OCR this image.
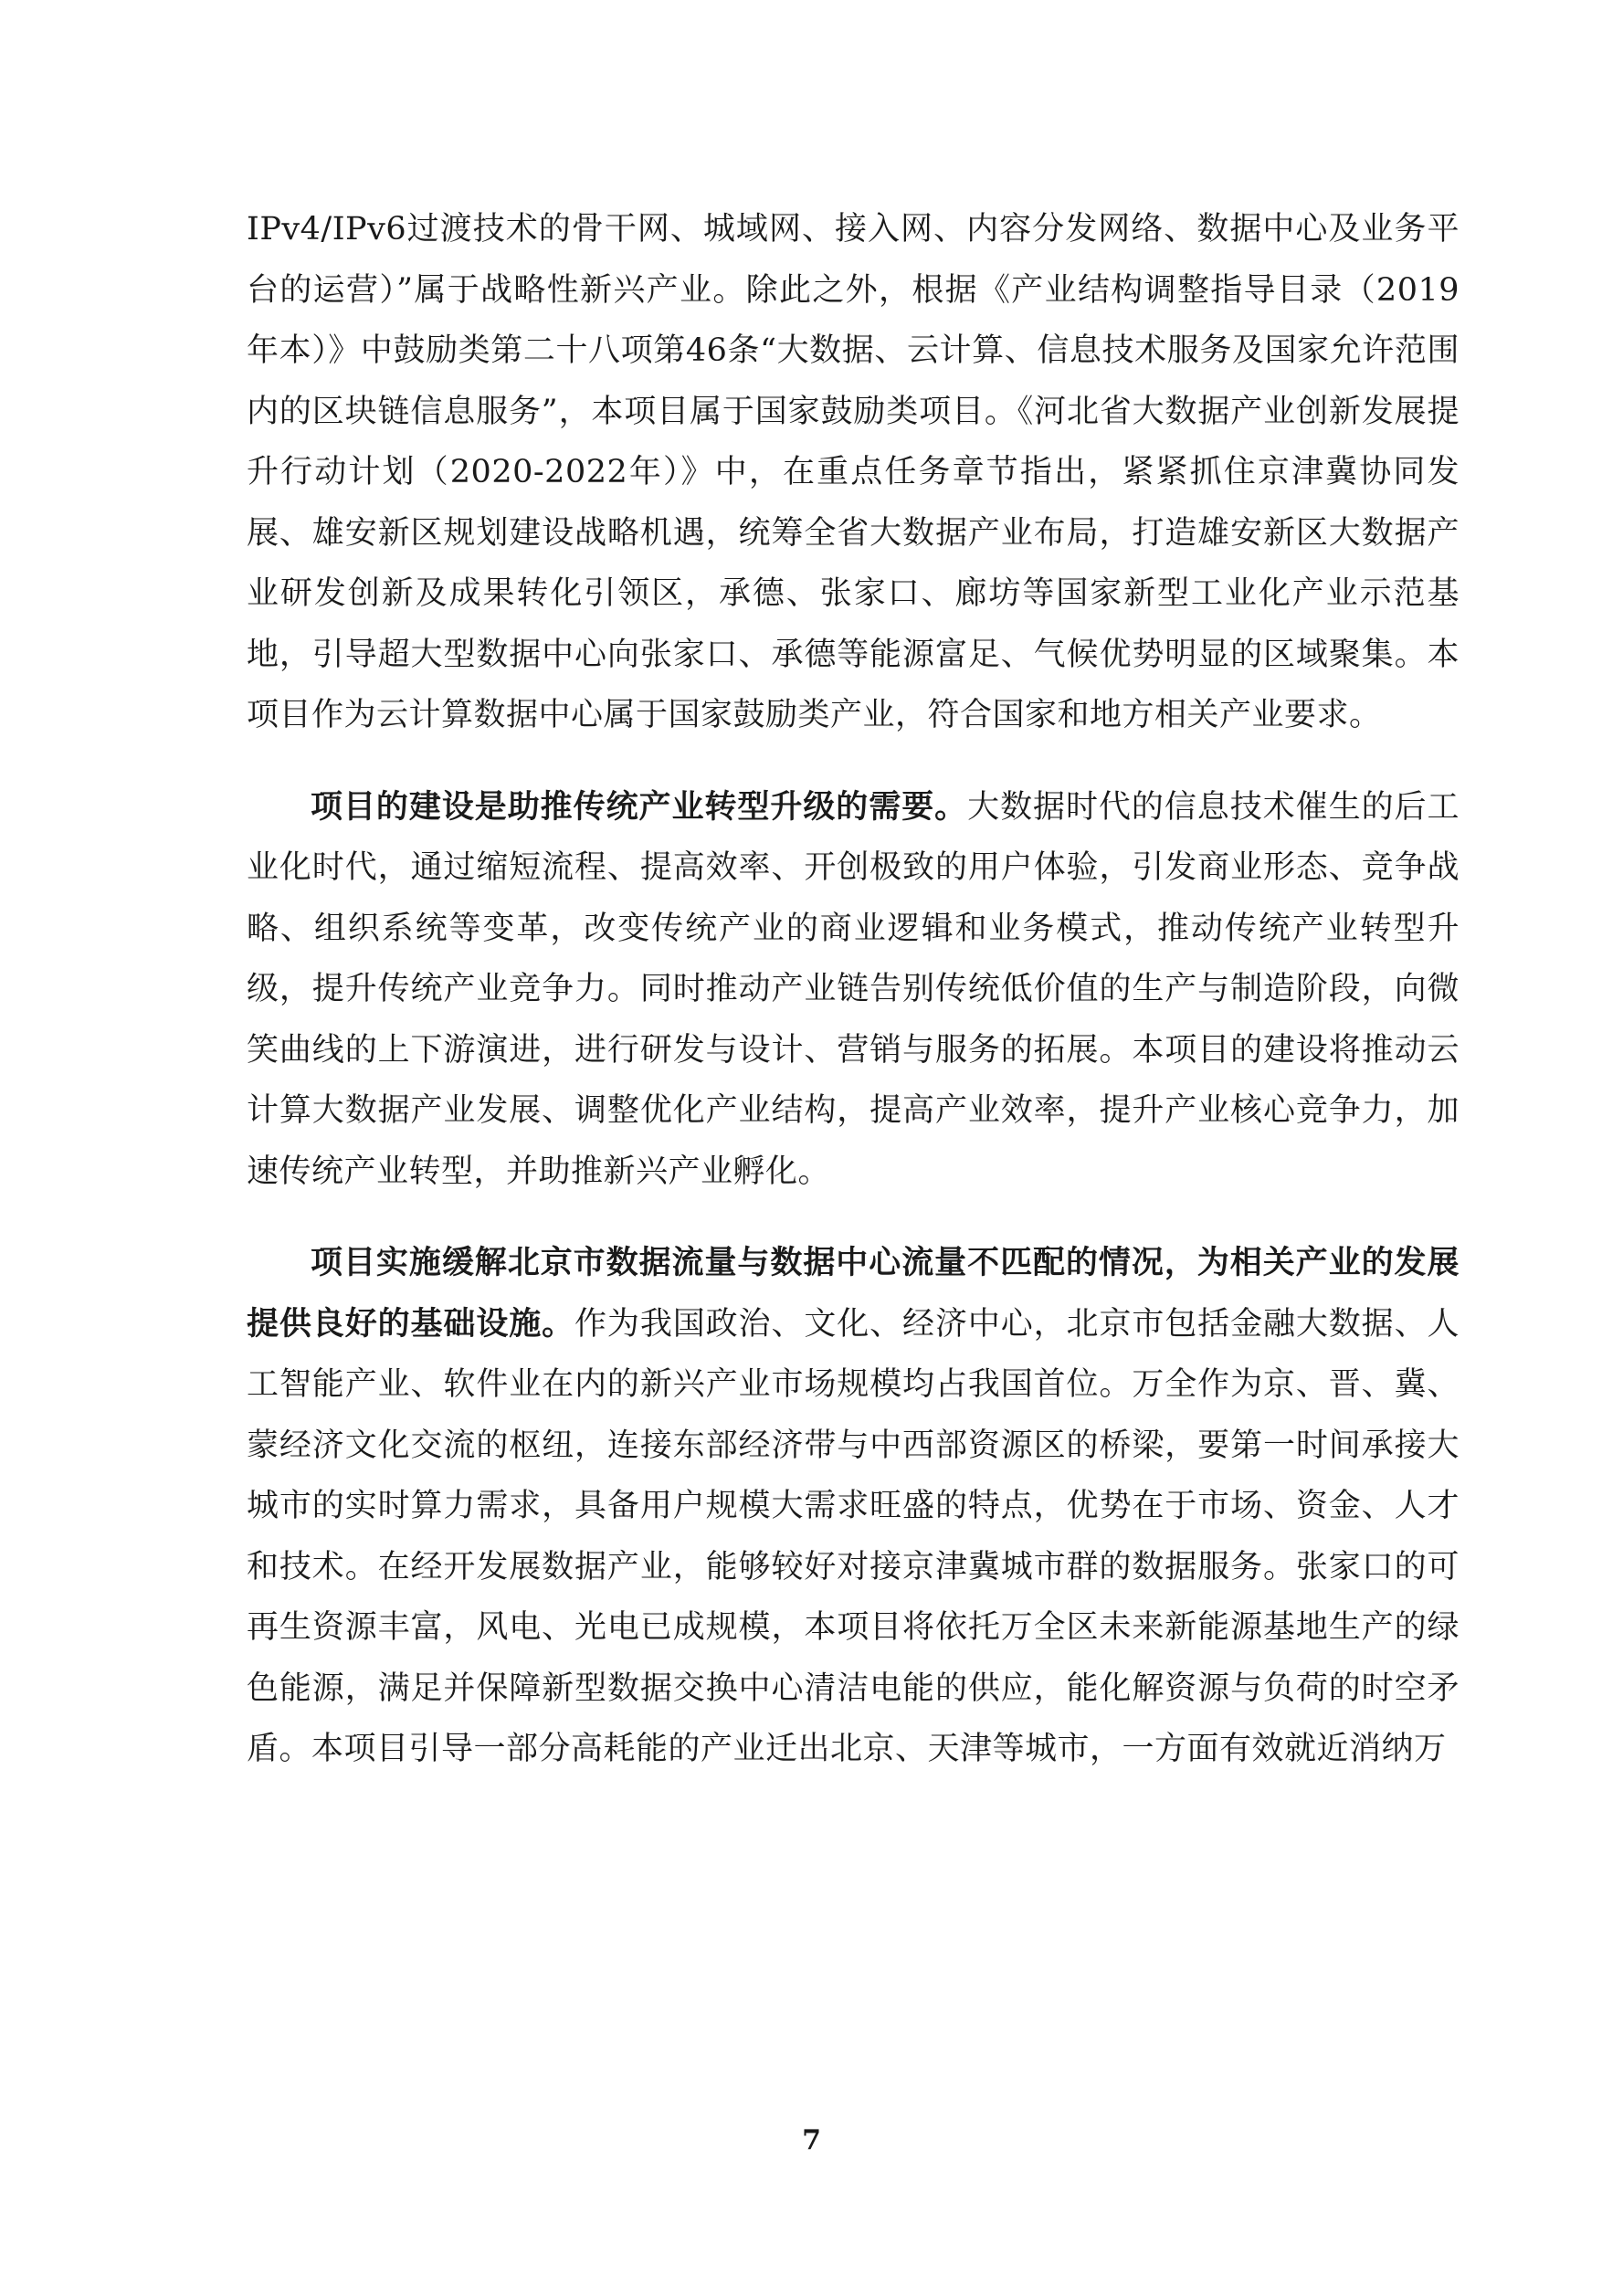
IPv4/IPv6过渡技术的骨干网、城域网、接入网、内容分发网络、数据中心及业务平台的运营）”属于战略性新兴产业。除此之外，根据《产业结构调整指导目录（2019年本）》中鼓励类第二十八项第46条“大数据、云计算、信息技术服务及国家允许范围内的区块链信息服务”，本项目属于国家鼓励类项目。《河北省大数据产业创新发展提升行动计划（2020-2022年）》中，在重点任务章节指出，紧紧抓住京津冀协同发展、雄安新区规划建设战略机遇，统筹全省大数据产业布局，打造雄安新区大数据产业研发创新及成果转化引领区，承德、张家口、廊坊等国家新型工业化产业示范基地，引导超大型数据中心向张家口、承德等能源富足、气候优势明显的区域聚集。本项目作为云计算数据中心属于国家鼓励类产业，符合国家和地方相关产业要求。

项目的建设是助推传统产业转型升级的需要。大数据时代的信息技术催生的后工业化时代，通过缩短流程、提高效率、开创极致的用户体验，引发商业形态、竞争战略、组织系统等变革，改变传统产业的商业逻辑和业务模式，推动传统产业转型升级，提升传统产业竞争力。同时推动产业链告别传统低价值的生产与制造阶段，向微笑曲线的上下游演进，进行研发与设计、营销与服务的拓展。本项目的建设将推动云计算大数据产业发展、调整优化产业结构，提高产业效率，提升产业核心竞争力，加速传统产业转型，并助推新兴产业孵化。

项目实施缓解北京市数据流量与数据中心流量不匹配的情况，为相关产业的发展提供良好的基础设施。作为我国政治、文化、经济中心，北京市包括金融大数据、人工智能产业、软件业在内的新兴产业市场规模均占我国首位。万全作为京、晋、冀、蒙经济文化交流的枢纽，连接东部经济带与中西部资源区的桥梁，要第一时间承接大城市的实时算力需求，具备用户规模大需求旺盛的特点，优势在于市场、资金、人才和技术。在经开发展数据产业，能够较好对接京津冀城市群的数据服务。张家口的可再生资源丰富，风电、光电已成规模，本项目将依托万全区未来新能源基地生产的绿色能源，满足并保障新型数据交换中心清洁电能的供应，能化解资源与负荷的时空矛盾。本项目引导一部分高耗能的产业迁出北京、天津等城市，一方面有效就近消纳万

7
